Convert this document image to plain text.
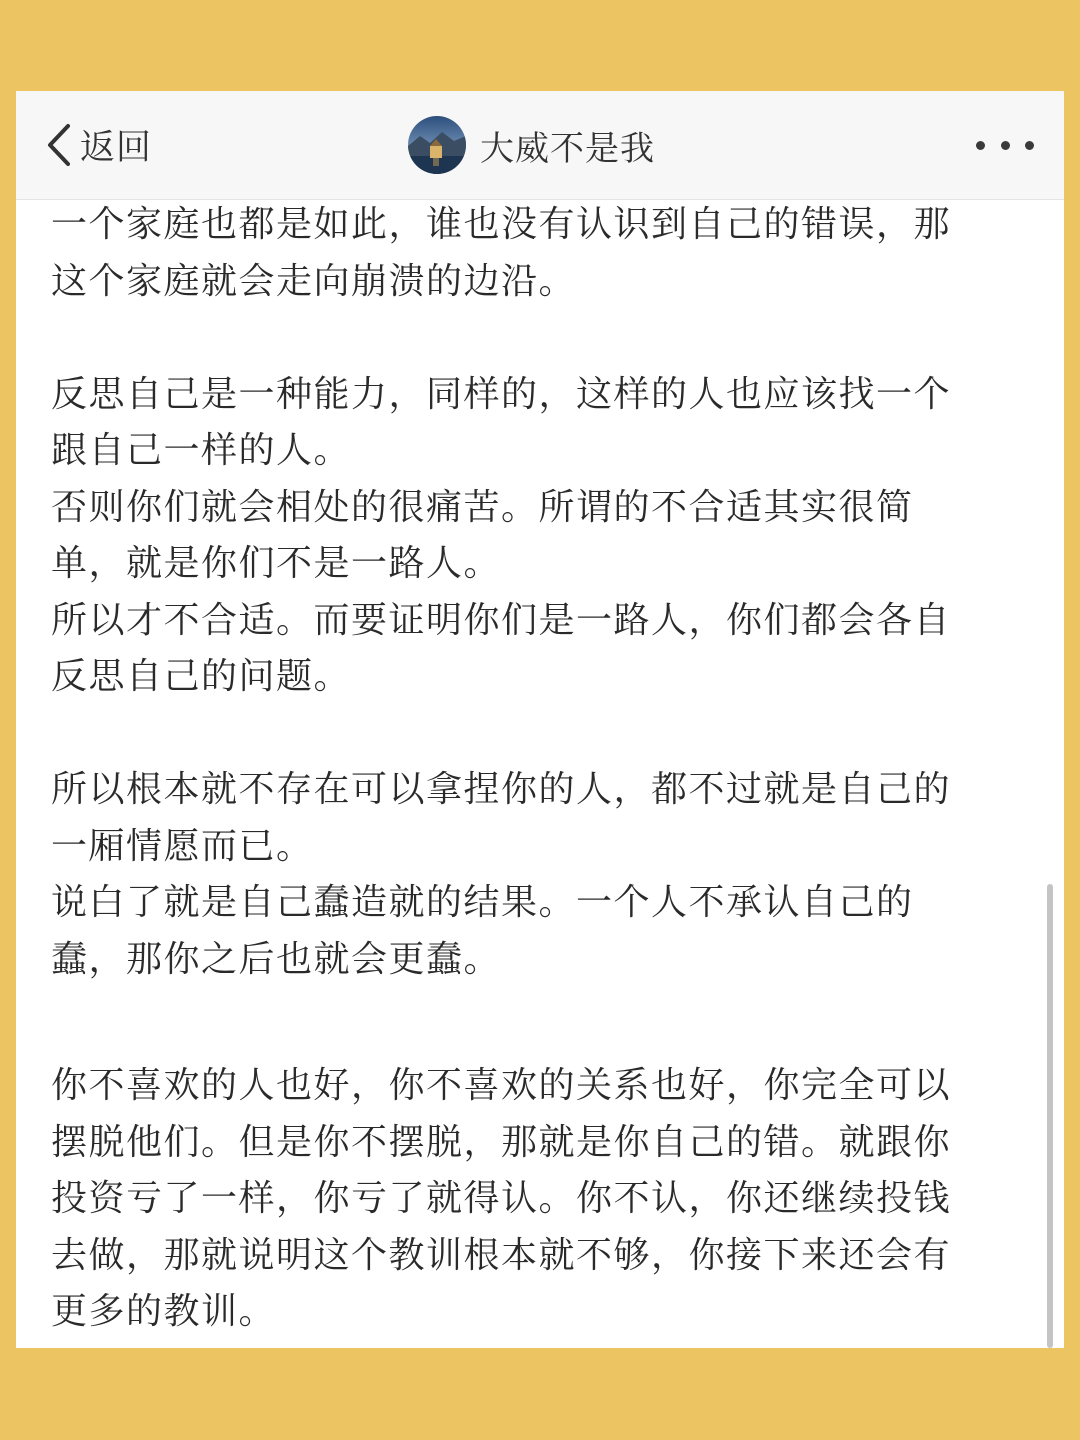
返回	大威不是我
一个家庭也都是如此，谁也没有认识到自己的错误，那
这个家庭就会走向崩溃的边沿。
反思自己是一种能力，同样的，这样的人也应该找一个
跟自己一样的人。
否则你们就会相处的很痛苦。所谓的不合适其实很简
单，就是你们不是一路人。
所以才不合适。而要证明你们是一路人，你们都会各自
反思自己的问题。
所以根本就不存在可以拿捏你的人，都不过就是自己的
一厢情愿而已。
说白了就是自己蠢造就的结果。一个人不承认自己的
蠢，那你之后也就会更蠢。
你不喜欢的人也好，你不喜欢的关系也好，你完全可以
摆脱他们。但是你不摆脱，那就是你自己的错。就跟你
投资亏了一样，你亏了就得认。你不认，你还继续投钱
去做，那就说明这个教训根本就不够，你接下来还会有
更多的教训。
